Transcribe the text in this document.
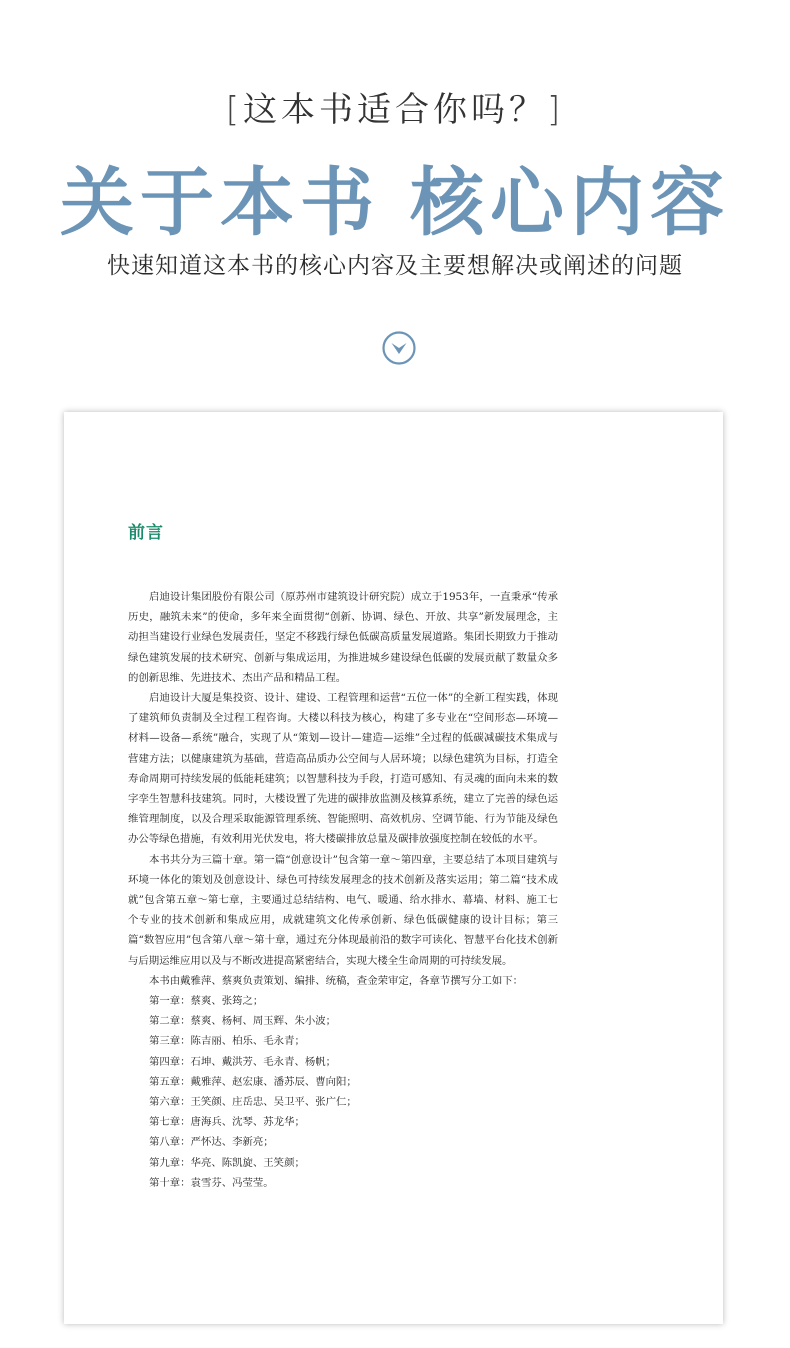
[这本书适合你吗？]
关于本书 核心内容
快速知道这本书的核心内容及主要想解决或阐述的问题
前言

启迪设计集团股份有限公司（原苏州市建筑设计研究院）成立于1953年，一直秉承“传承历史，融筑未来”的使命，多年来全面贯彻“创新、协调、绿色、开放、共享”新发展理念，主动担当建设行业绿色发展责任，坚定不移践行绿色低碳高质量发展道路。集团长期致力于推动绿色建筑发展的技术研究、创新与集成运用，为推进城乡建设绿色低碳的发展贡献了数量众多的创新思维、先进技术、杰出产品和精品工程。

启迪设计大厦是集投资、设计、建设、工程管理和运营“五位一体”的全新工程实践，体现了建筑师负责制及全过程工程咨询。大楼以科技为核心，构建了多专业在“空间形态—环境—材料—设备—系统”融合，实现了从“策划—设计—建造—运维”全过程的低碳减碳技术集成与营建方法；以健康建筑为基础，营造高品质办公空间与人居环境；以绿色建筑为目标，打造全寿命周期可持续发展的低能耗建筑；以智慧科技为手段，打造可感知、有灵魂的面向未来的数字孪生智慧科技建筑。同时，大楼设置了先进的碳排放监测及核算系统，建立了完善的绿色运维管理制度，以及合理采取能源管理系统、智能照明、高效机房、空调节能、行为节能及绿色办公等绿色措施，有效利用光伏发电，将大楼碳排放总量及碳排放强度控制在较低的水平。

本书共分为三篇十章。第一篇“创意设计”包含第一章～第四章，主要总结了本项目建筑与环境一体化的策划及创意设计、绿色可持续发展理念的技术创新及落实运用；第二篇“技术成就”包含第五章～第七章，主要通过总结结构、电气、暖通、给水排水、幕墙、材料、施工七个专业的技术创新和集成应用，成就建筑文化传承创新、绿色低碳健康的设计目标；第三篇“数智应用”包含第八章～第十章，通过充分体现最前沿的数字可读化、智慧平台化技术创新与后期运维应用以及与不断改进提高紧密结合，实现大楼全生命周期的可持续发展。

本书由戴雅萍、蔡爽负责策划、编排、统稿，查金荣审定，各章节撰写分工如下：

第一章：蔡爽、张筠之；

第二章：蔡爽、杨柯、周玉辉、朱小波；

第三章：陈吉丽、柏乐、毛永青；

第四章：石坤、戴洪芳、毛永青、杨帆；

第五章：戴雅萍、赵宏康、潘苏辰、曹向阳；

第六章：王笑颜、庄岳忠、吴卫平、张广仁；

第七章：唐海兵、沈琴、苏龙华；

第八章：严怀达、李新亮；

第九章：华亮、陈凯旋、王笑颜；

第十章：袁雪芬、冯莹莹。
